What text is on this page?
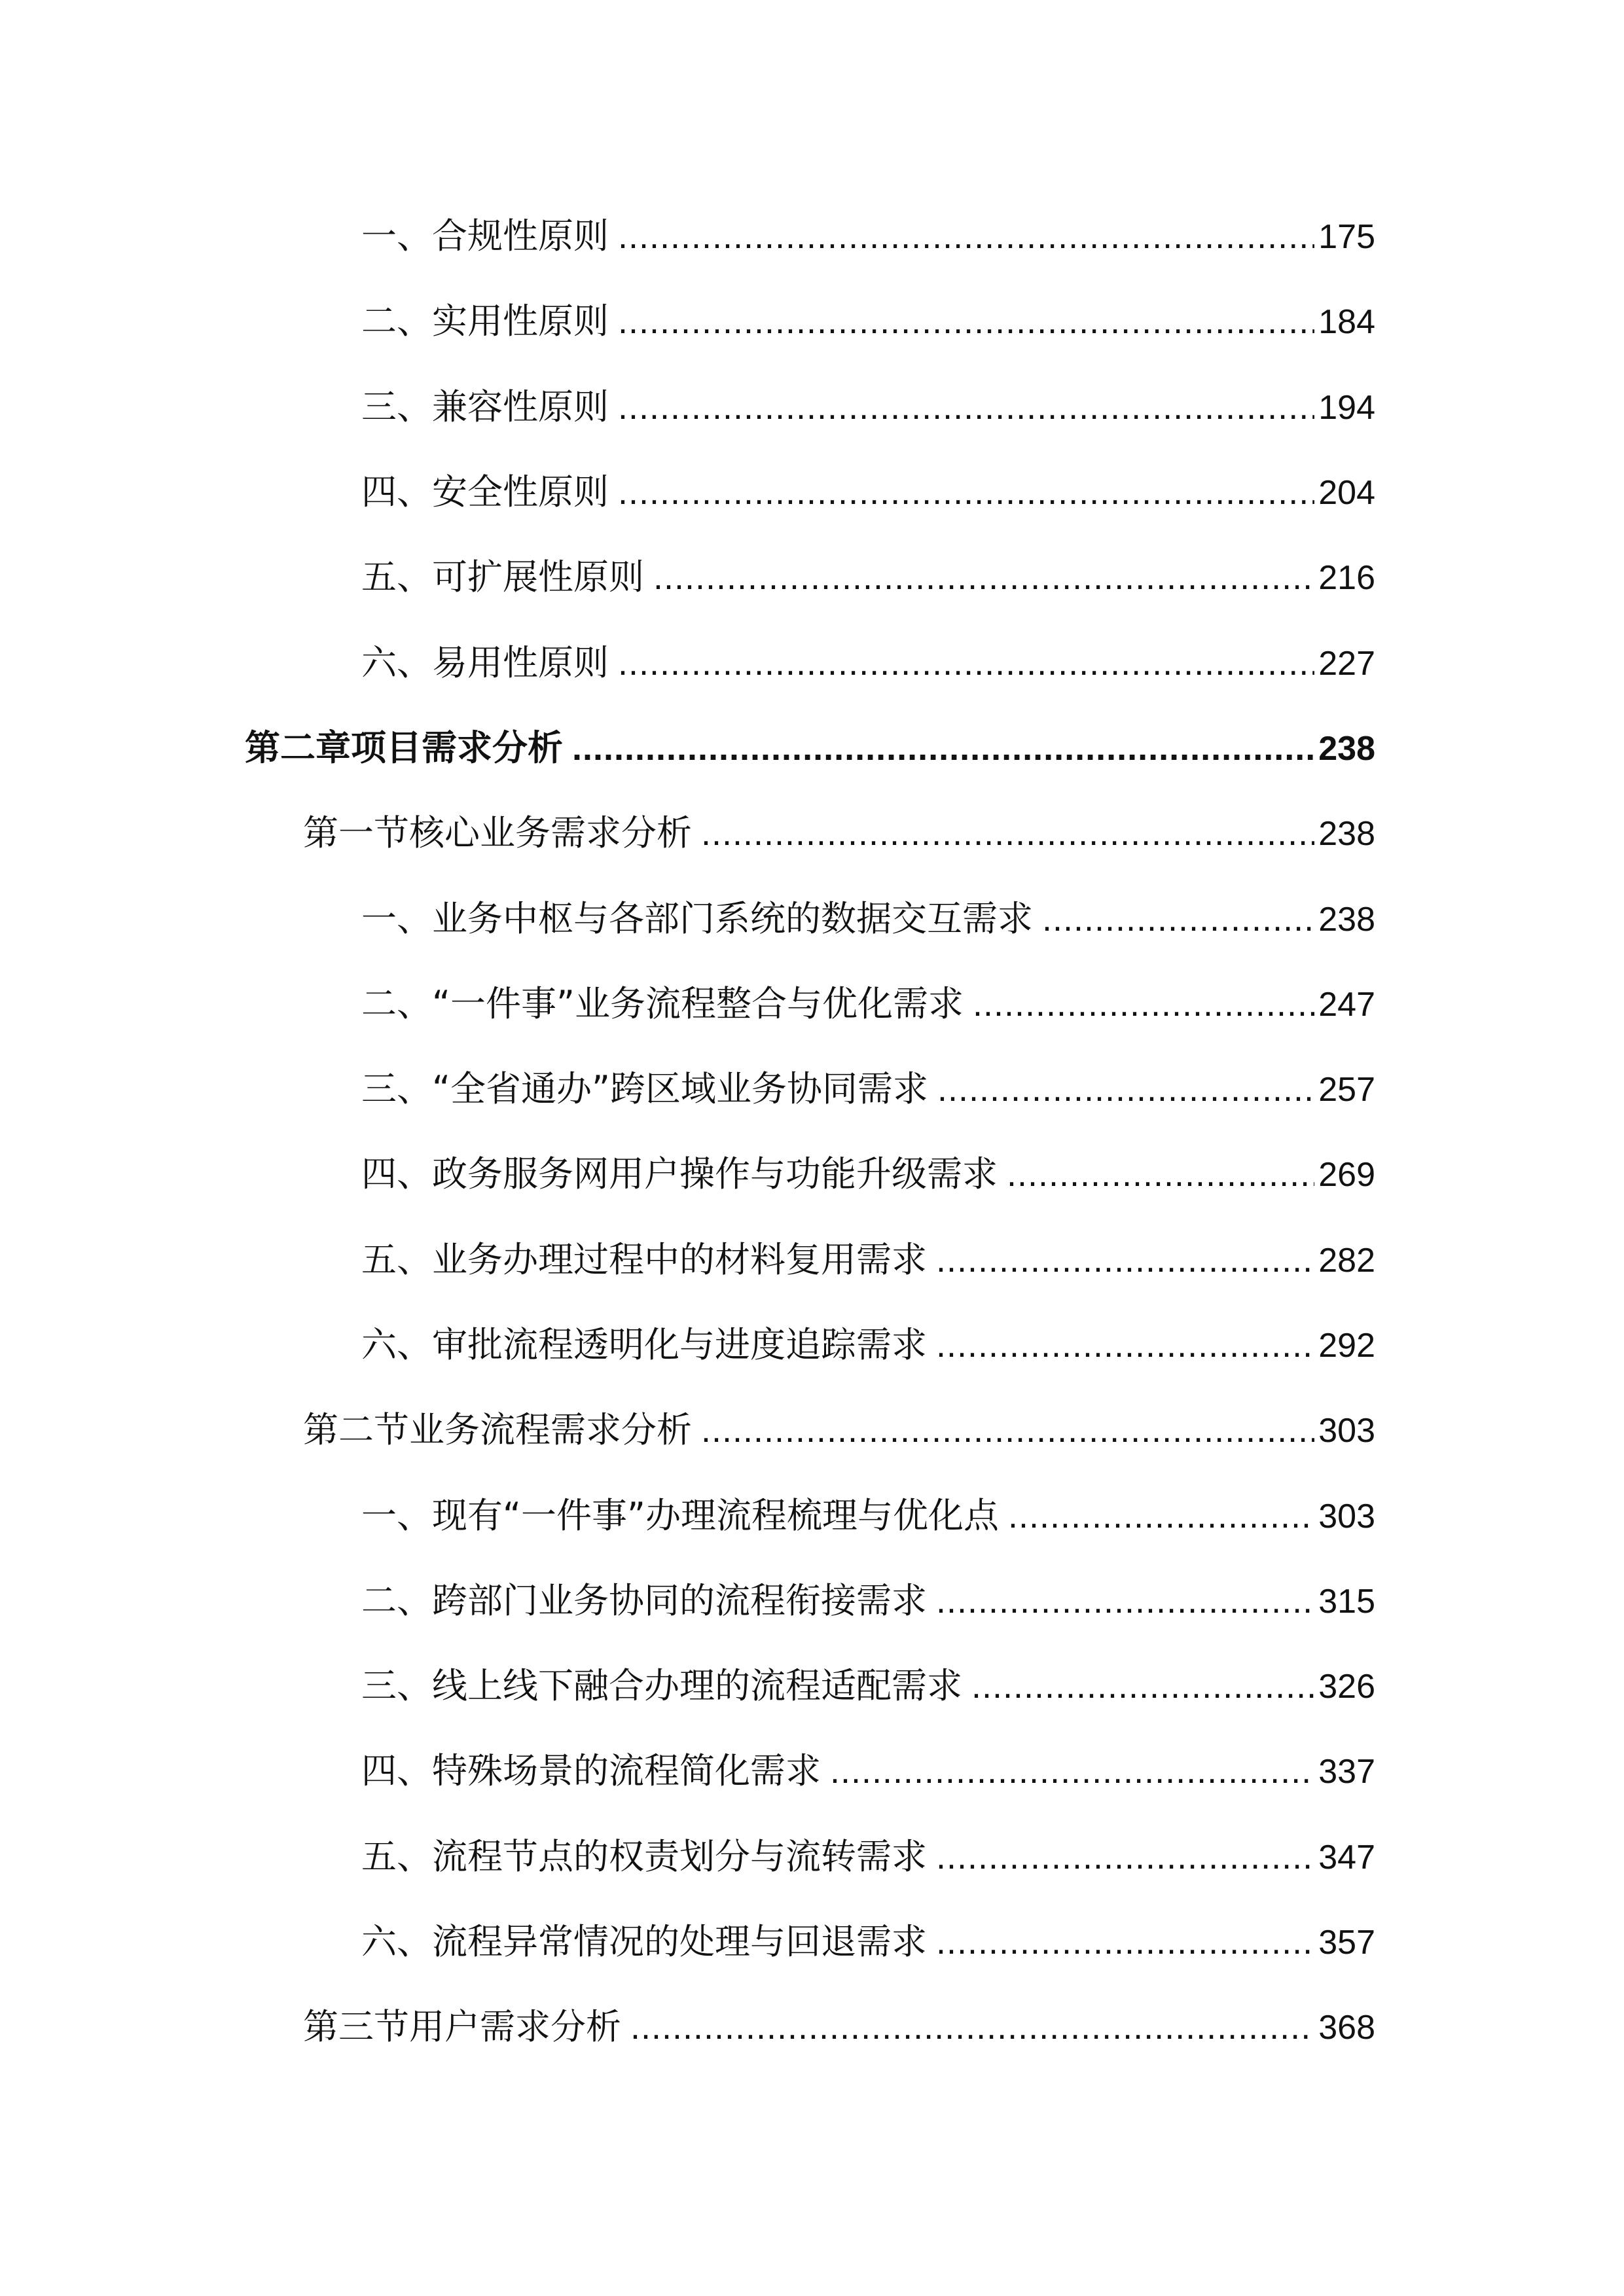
一、合规性原则 .....	175
二、实用性原则 .....	184
三、兼容性原则 .....	194
四、安全性原则 .....	204
五、可扩展性原则 .....	216
六、易用性原则 .....	227
第二章项目需求分析 .....	238
第一节核心业务需求分析 .....	238
一、业务中枢与各部门系统的数据交互需求 .....	238
二、“一件事”业务流程整合与优化需求 .....	247
三、“全省通办”跨区域业务协同需求 .....	257
四、政务服务网用户操作与功能升级需求 .....	269
五、业务办理过程中的材料复用需求 .....	282
六、审批流程透明化与进度追踪需求 .....	292
第二节业务流程需求分析 .....	303
一、现有“一件事”办理流程梳理与优化点 .....	303
二、跨部门业务协同的流程衔接需求 .....	315
三、线上线下融合办理的流程适配需求 .....	326
四、特殊场景的流程简化需求 .....	337
五、流程节点的权责划分与流转需求 .....	347
六、流程异常情况的处理与回退需求 .....	357
第三节用户需求分析 .....	368
